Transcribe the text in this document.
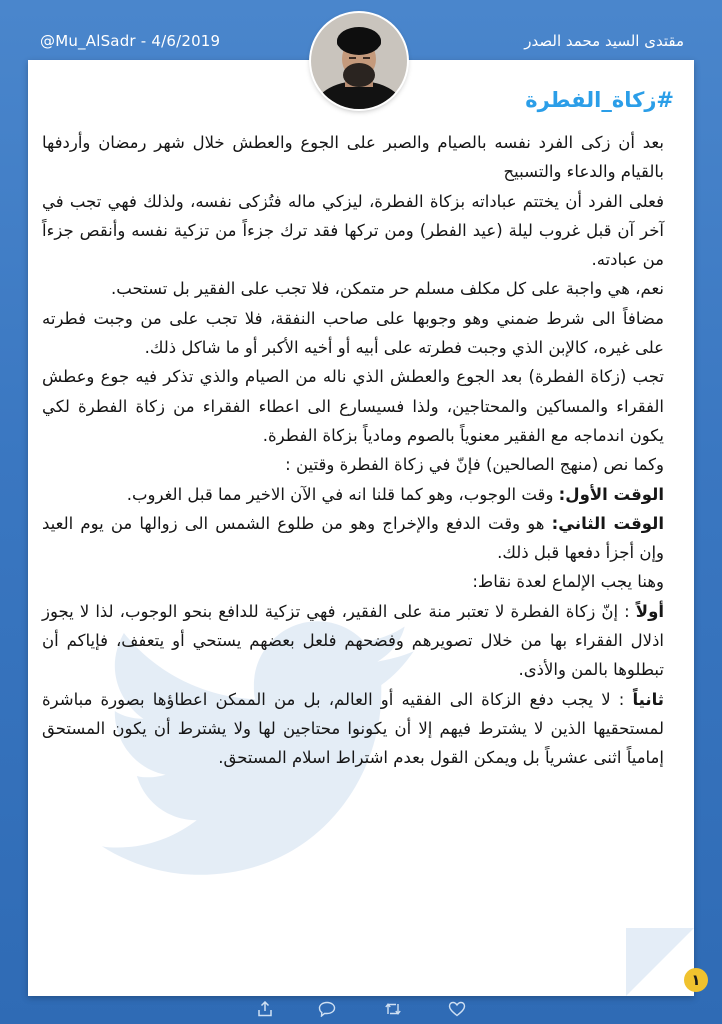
@Mu_AlSadr - 4/6/2019	مقتدى السيد محمد الصدر
#زكاة_الفطرة

بعد أن زكى الفرد نفسه بالصيام والصبر على الجوع والعطش خلال شهر رمضان وأردفها بالقيام والدعاء والتسبيح

فعلى الفرد أن يختتم عباداته بزكاة الفطرة، ليزكي ماله فتُزكى نفسه، ولذلك فهي تجب في آخر آن قبل غروب ليلة (عيد الفطر) ومن تركها فقد ترك جزءاً من تزكية نفسه وأنقص جزءاً من عبادته.

نعم، هي واجبة على كل مكلف مسلم حر متمكن، فلا تجب على الفقير بل تستحب.

مضافاً الى شرط ضمني وهو وجوبها على صاحب النفقة، فلا تجب على من وجبت فطرته على غيره، كالإبن الذي وجبت فطرته على أبيه أو أخيه الأكبر أو ما شاكل ذلك.

تجب (زكاة الفطرة) بعد الجوع والعطش الذي ناله من الصيام والذي تذكر فيه جوع وعطش الفقراء والمساكين والمحتاجين، ولذا فسيسارع الى اعطاء الفقراء من زكاة الفطرة لكي يكون اندماجه مع الفقير معنوياً بالصوم ومادياً بزكاة الفطرة.

وكما نص (منهج الصالحين) فإنّ في زكاة الفطرة وقتين :

الوقت الأول: وقت الوجوب، وهو كما قلنا انه في الآن الاخير مما قبل الغروب.

الوقت الثاني: هو وقت الدفع والإخراج وهو من طلوع الشمس الى زوالها من يوم العيد وإن أجزأ دفعها قبل ذلك.

وهنا يجب الإلماع لعدة نقاط:

أولاً : إنّ زكاة الفطرة لا تعتبر منة على الفقير، فهي تزكية للدافع بنحو الوجوب، لذا لا يجوز اذلال الفقراء بها من خلال تصويرهم وفضحهم فلعل بعضهم يستحي أو يتعفف، فإياكم أن تبطلوها بالمن والأذى.

ثانياً : لا يجب دفع الزكاة الى الفقيه أو العالم، بل من الممكن اعطاؤها بصورة مباشرة لمستحقيها الذين لا يشترط فيهم إلا أن يكونوا محتاجين لها ولا يشترط أن يكون المستحق إمامياً اثنى عشرياً بل ويمكن القول بعدم اشتراط اسلام المستحق.

١
